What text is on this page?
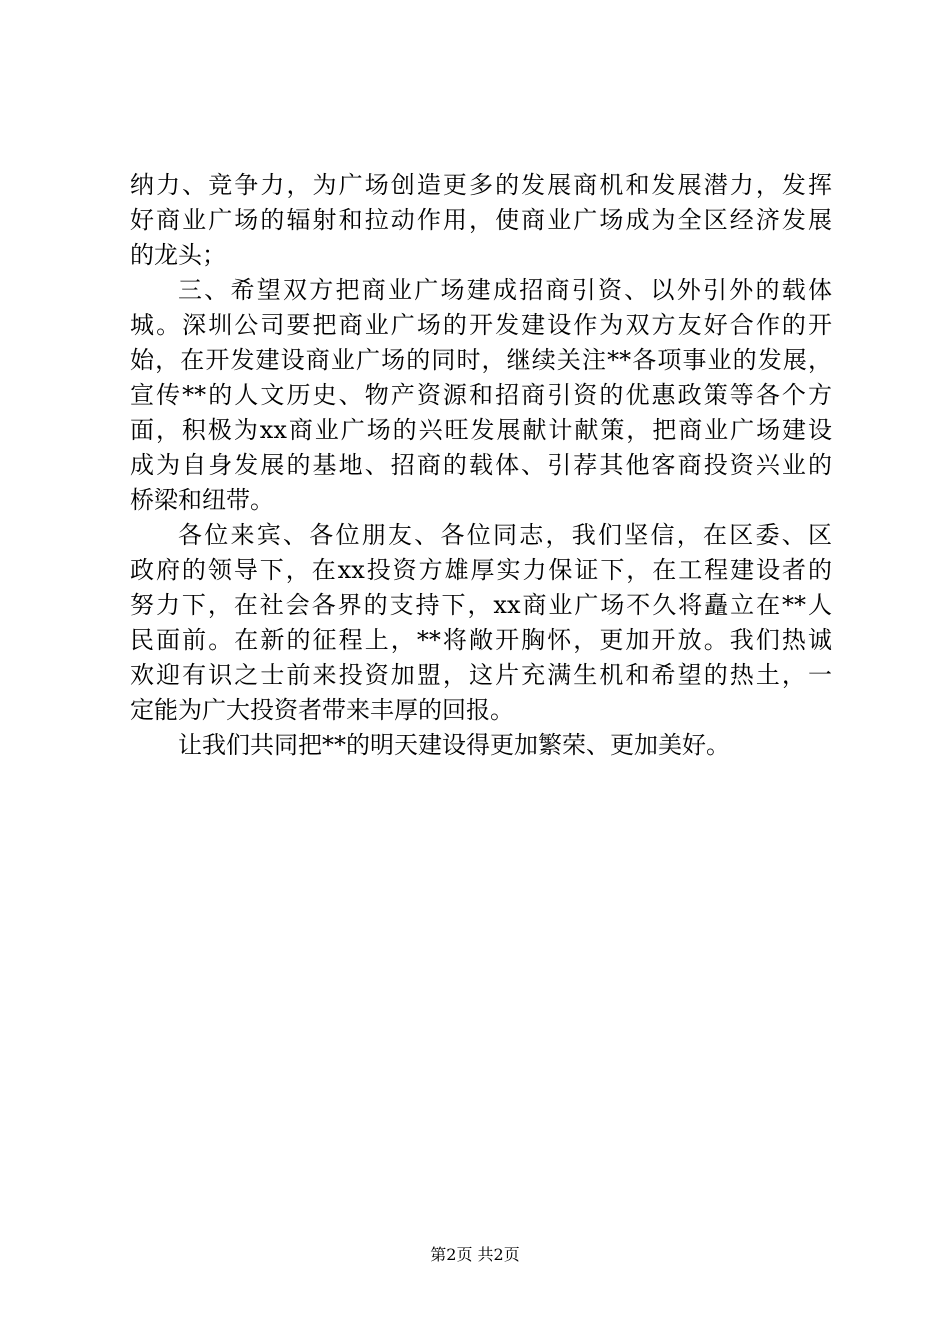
纳力、竞争力，为广场创造更多的发展商机和发展潜力，发挥
好商业广场的辐射和拉动作用，使商业广场成为全区经济发展
的龙头；
三、希望双方把商业广场建成招商引资、以外引外的载体
城。深圳公司要把商业广场的开发建设作为双方友好合作的开
始，在开发建设商业广场的同时，继续关注**各项事业的发展，
宣传**的人文历史、物产资源和招商引资的优惠政策等各个方
面，积极为xx商业广场的兴旺发展献计献策，把商业广场建设
成为自身发展的基地、招商的载体、引荐其他客商投资兴业的
桥梁和纽带。
各位来宾、各位朋友、各位同志，我们坚信，在区委、区
政府的领导下，在xx投资方雄厚实力保证下，在工程建设者的
努力下，在社会各界的支持下，xx商业广场不久将矗立在**人
民面前。在新的征程上，**将敞开胸怀，更加开放。我们热诚
欢迎有识之士前来投资加盟，这片充满生机和希望的热土，一
定能为广大投资者带来丰厚的回报。
让我们共同把**的明天建设得更加繁荣、更加美好。
第2页 共2页
